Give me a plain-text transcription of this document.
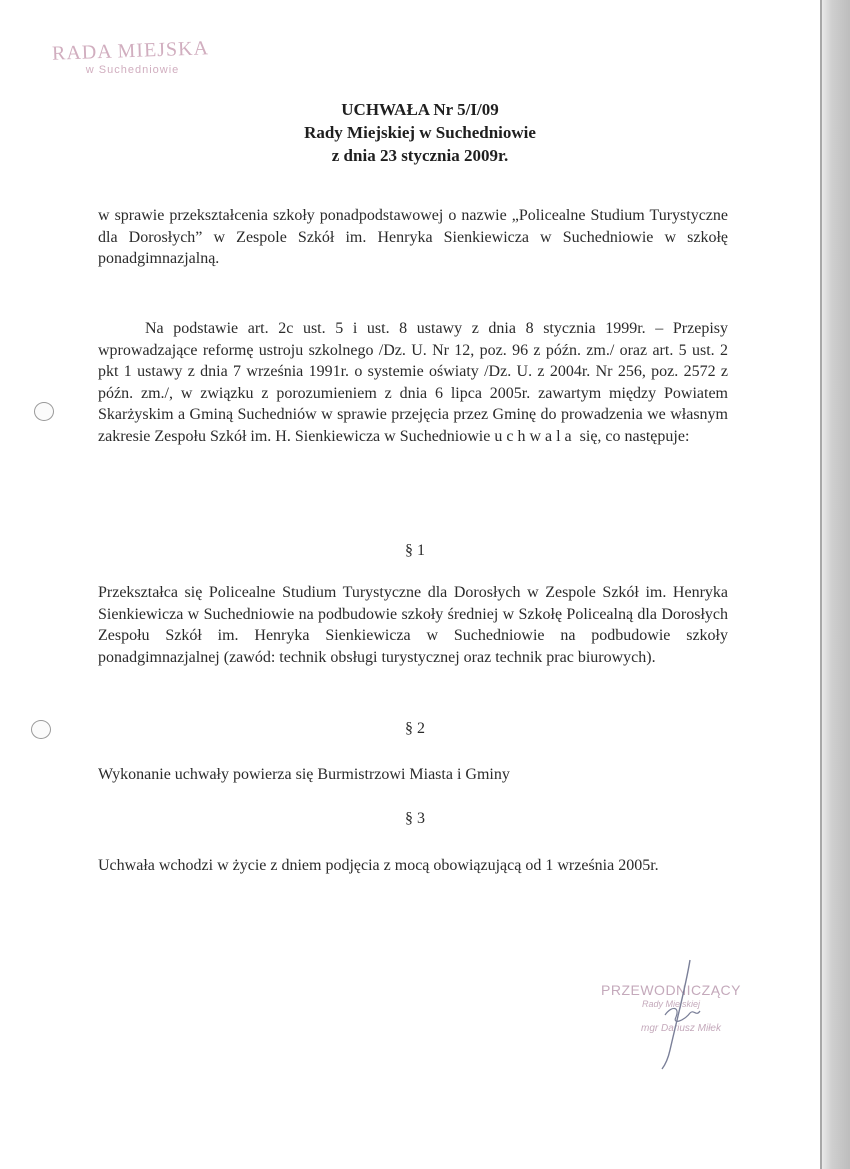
RADA MIEJSKA
w Suchedniowie
UCHWAŁA Nr 5/I/09
Rady Miejskiej w Suchedniowie
z dnia 23 stycznia 2009r.
w sprawie przekształcenia szkoły ponadpodstawowej o nazwie „Policealne Studium Turystyczne dla Dorosłych” w Zespole Szkół im. Henryka Sienkiewicza w Suchedniowie w szkołę ponadgimnazjalną.
Na podstawie art. 2c ust. 5 i ust. 8 ustawy z dnia 8 stycznia 1999r. – Przepisy wprowadzające reformę ustroju szkolnego /Dz. U. Nr 12, poz. 96 z późn. zm./ oraz art. 5 ust. 2 pkt 1 ustawy z dnia 7 września 1991r. o systemie oświaty /Dz. U. z 2004r. Nr 256, poz. 2572 z późn. zm./, w związku z porozumieniem z dnia 6 lipca 2005r. zawartym między Powiatem Skarżyskim a Gminą Suchedniów w sprawie przejęcia przez Gminę do prowadzenia we własnym zakresie Zespołu Szkół im. H. Sienkiewicza w Suchedniowie uchwala się, co następuje:
§ 1
Przekształca się Policealne Studium Turystyczne dla Dorosłych w Zespole Szkół im. Henryka Sienkiewicza w Suchedniowie na podbudowie szkoły średniej w Szkołę Policealną dla Dorosłych Zespołu Szkół im. Henryka Sienkiewicza w Suchedniowie na podbudowie szkoły ponadgimnazjalnej (zawód: technik obsługi turystycznej oraz technik prac biurowych).
§ 2
Wykonanie uchwały powierza się Burmistrzowi Miasta i Gminy
§ 3
Uchwała wchodzi w życie z dniem podjęcia z mocą obowiązującą od 1 września 2005r.
PRZEWODNICZĄCY
Rady Miejskiej
mgr Dariusz Miłek
